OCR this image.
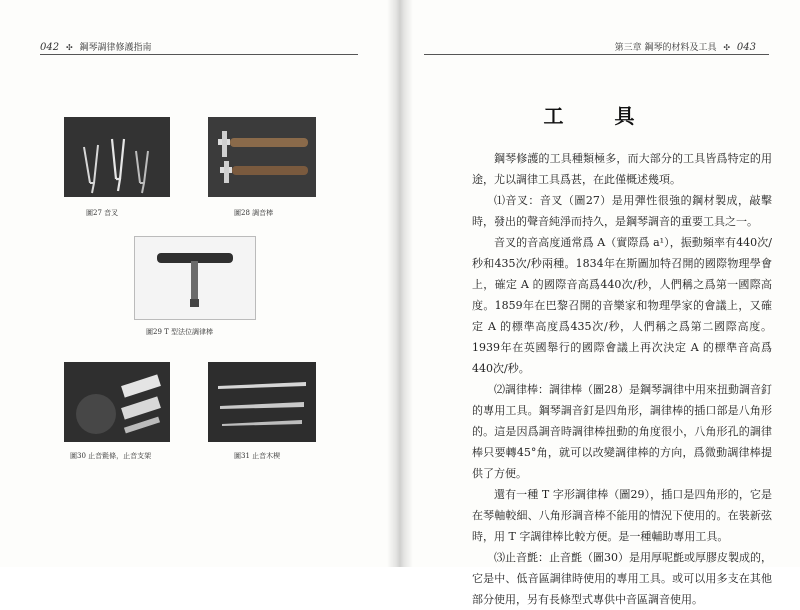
042 ✣ 鋼琴調律修護指南
圖27 音叉	圖28 調音棒
圖29 T 型法位調律棒
圖30 止音氈條，止音支架	圖31 止音木楔
第三章 鋼琴的材料及工具 ✣ 043
工 具

鋼琴修護的工具種類極多，而大部分的工具皆爲特定的用途，尤以調律工具爲甚，在此僅概述幾項。

⑴音叉：音叉（圖27）是用彈性很強的鋼材製成，敲擊時，發出的聲音純淨而持久，是鋼琴調音的重要工具之一。

音叉的音高度通常爲 A（實際爲 a¹），振動頻率有440次/秒和435次/秒兩種。1834年在斯圖加特召開的國際物理學會上，確定 A 的國際音高爲440次/秒，人們稱之爲第一國際高度。1859年在巴黎召開的音樂家和物理學家的會議上，又確定 A 的標準高度爲435次/秒，人們稱之爲第二國際高度。1939年在英國舉行的國際會議上再次決定 A 的標準音高爲440次/秒。

⑵調律棒：調律棒（圖28）是鋼琴調律中用來扭動調音釘的專用工具。鋼琴調音釘是四角形，調律棒的插口部是八角形的。這是因爲調音時調律棒扭動的角度很小，八角形孔的調律棒只要轉45°角，就可以改變調律棒的方向，爲微動調律棒提供了方便。

還有一種 T 字形調律棒（圖29），插口是四角形的，它是在琴軸較細、八角形調音棒不能用的情況下使用的。在裝新弦時，用 T 字調律棒比較方便。是一種輔助專用工具。

⑶止音氈：止音氈（圖30）是用厚呢氈或厚膠皮製成的，它是中、低音區調律時使用的專用工具。或可以用多支在其他部分使用，另有長條型式專供中音區調音使用。
